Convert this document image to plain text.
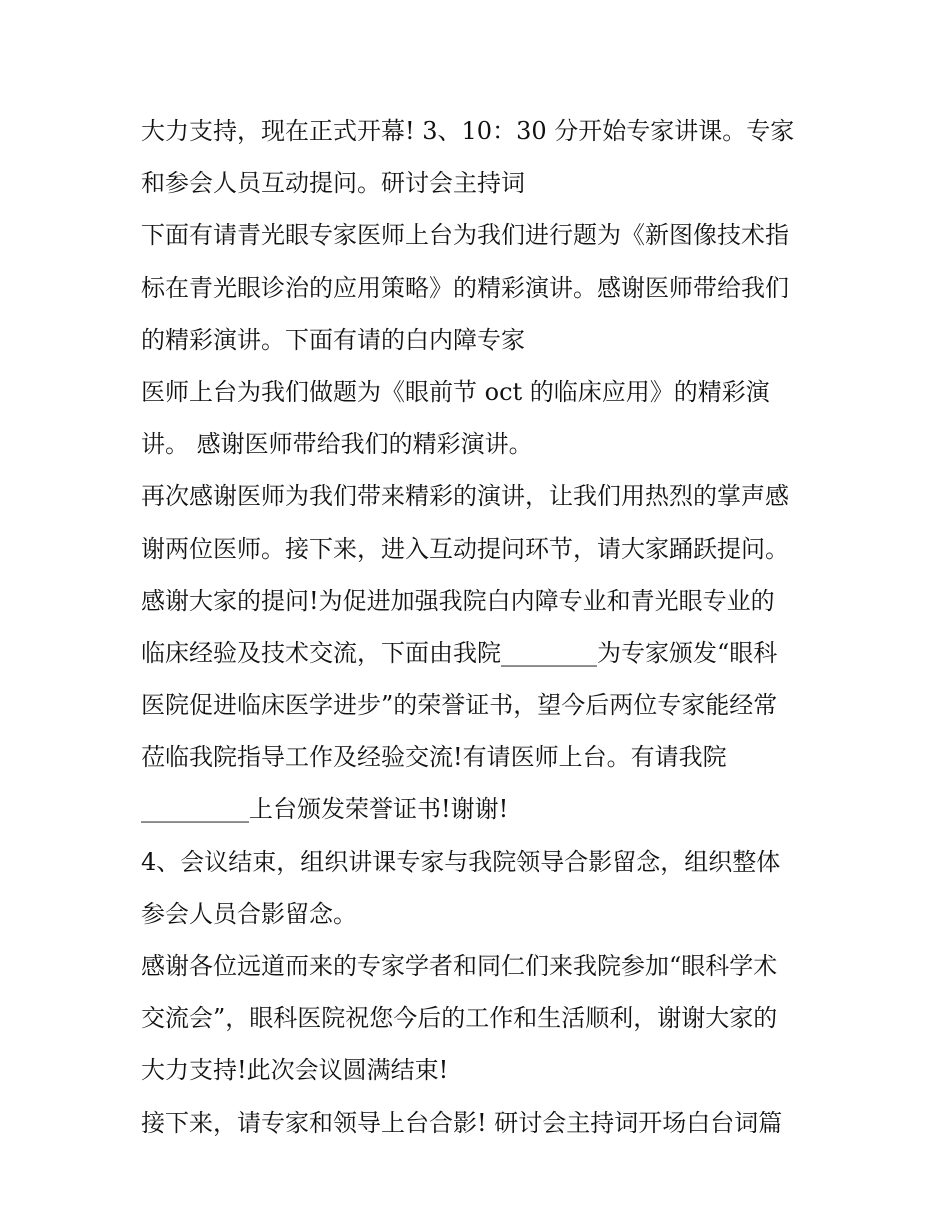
大力支持，现在正式开幕! 3、10：30 分开始专家讲课。专家
和参会人员互动提问。研讨会主持词
下面有请青光眼专家医师上台为我们进行题为《新图像技术指
标在青光眼诊治的应用策略》的精彩演讲。感谢医师带给我们
的精彩演讲。下面有请的白内障专家
医师上台为我们做题为《眼前节 oct 的临床应用》的精彩演
讲。 感谢医师带给我们的精彩演讲。
再次感谢医师为我们带来精彩的演讲，让我们用热烈的掌声感
谢两位医师。接下来，进入互动提问环节，请大家踊跃提问。
感谢大家的提问!为促进加强我院白内障专业和青光眼专业的
临床经验及技术交流，下面由我院________为专家颁发“眼科
医院促进临床医学进步”的荣誉证书，望今后两位专家能经常
莅临我院指导工作及经验交流!有请医师上台。有请我院
_________上台颁发荣誉证书!谢谢!
4、会议结束，组织讲课专家与我院领导合影留念，组织整体
参会人员合影留念。
感谢各位远道而来的专家学者和同仁们来我院参加“眼科学术
交流会”，眼科医院祝您今后的工作和生活顺利，谢谢大家的
大力支持!此次会议圆满结束!
接下来，请专家和领导上台合影! 研讨会主持词开场白台词篇
